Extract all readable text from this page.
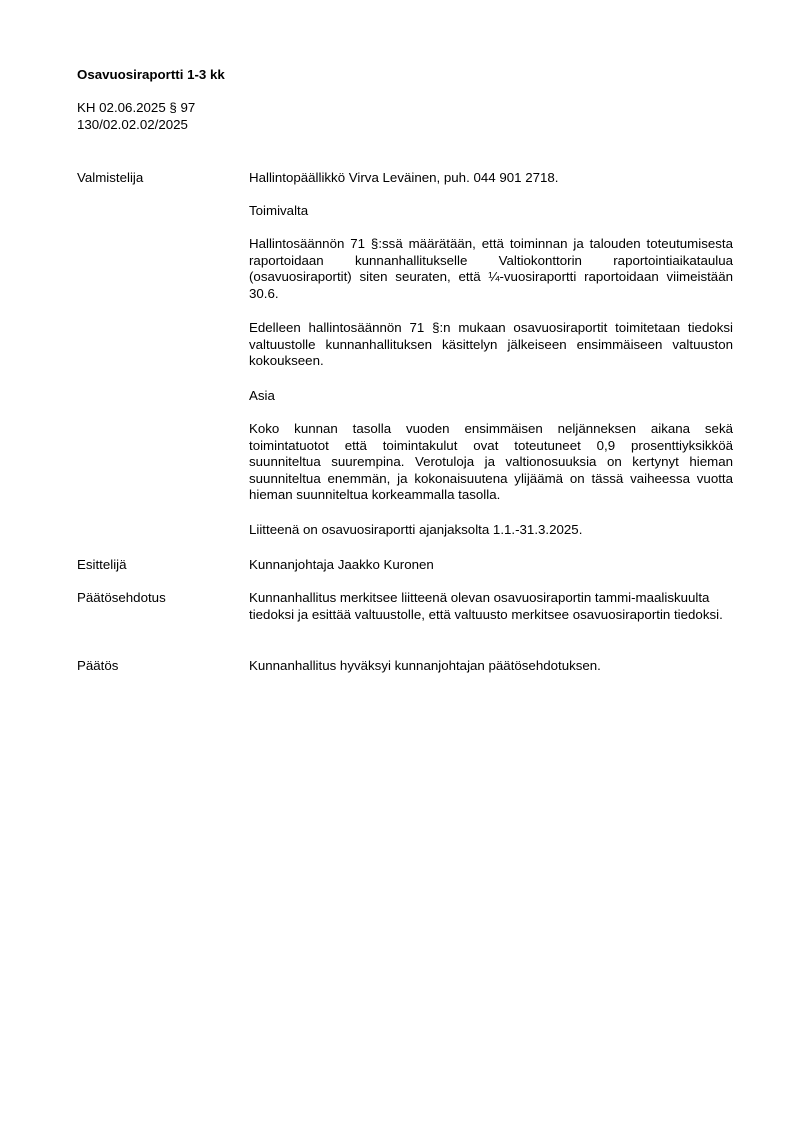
Osavuosiraportti 1-3 kk
KH 02.06.2025 § 97
130/02.02.02/2025
Valmistelija	Hallintopäällikkö Virva Leväinen, puh. 044 901 2718.
Toimivalta

Hallintosäännön 71 §:ssä määrätään, että toiminnan ja talouden toteutumisesta raportoidaan kunnanhallitukselle Valtiokonttorin raportointiaikataulua (osavuosiraportit) siten seuraten, että ¼-vuosiraportti raportoidaan viimeistään 30.6.

Edelleen hallintosäännön 71 §:n mukaan osavuosiraportit toimitetaan tiedoksi valtuustolle kunnanhallituksen käsittelyn jälkeiseen ensimmäiseen valtuuston kokoukseen.

Asia

Koko kunnan tasolla vuoden ensimmäisen neljänneksen aikana sekä toimintatuotot että toimintakulut ovat toteutuneet 0,9 prosenttiyksikköä suunniteltua suurempina. Verotuloja ja valtionosuuksia on kertynyt hieman suunniteltua enemmän, ja kokonaisuutena ylijäämä on tässä vaiheessa vuotta hieman suunniteltua korkeammalla tasolla.

Liitteenä on osavuosiraportti ajanjaksolta 1.1.-31.3.2025.

Esittelijä	Kunnanjohtaja Jaakko Kuronen
Päätösehdotus	Kunnanhallitus merkitsee liitteenä olevan osavuosiraportin tammi-maaliskuulta tiedoksi ja esittää valtuustolle, että valtuusto merkitsee osavuosiraportin tiedoksi.

Päätös	Kunnanhallitus hyväksyi kunnanjohtajan päätösehdotuksen.
